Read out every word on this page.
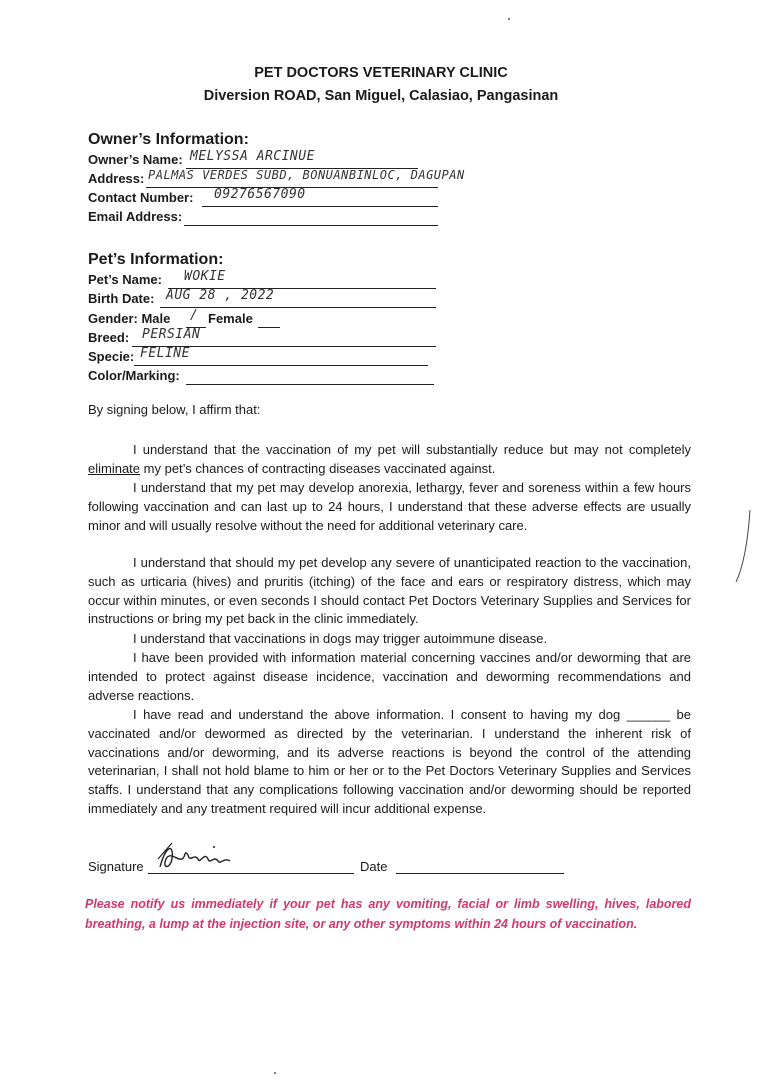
PET DOCTORS VETERINARY CLINIC
Diversion ROAD, San Miguel, Calasiao, Pangasinan
Owner’s Information:
Owner’s Name: MELYSSA ARCINUE
Address: PALMAS VERDES SUBD, BONUANBINLOC, DAGUPAN
Contact Number: 09276567090
Email Address:
Pet’s Information:
Pet’s Name: WOKIE
Birth Date: AUG 28 , 2022
Gender: Male / Female
Breed: PERSIAN
Specie: FELINE
Color/Marking:
By signing below, I affirm that:
I understand that the vaccination of my pet will substantially reduce but may not completely eliminate my pet’s chances of contracting diseases vaccinated against.
I understand that my pet may develop anorexia, lethargy, fever and soreness within a few hours following vaccination and can last up to 24 hours, I understand that these adverse effects are usually minor and will usually resolve without the need for additional veterinary care.
I understand that should my pet develop any severe of unanticipated reaction to the vaccination, such as urticaria (hives) and pruritis (itching) of the face and ears or respiratory distress, which may occur within minutes, or even seconds I should contact Pet Doctors Veterinary Supplies and Services for instructions or bring my pet back in the clinic immediately.
I understand that vaccinations in dogs may trigger autoimmune disease.
I have been provided with information material concerning vaccines and/or deworming that are intended to protect against disease incidence, vaccination and deworming recommendations and adverse reactions.
I have read and understand the above information. I consent to having my dog ______ be vaccinated and/or dewormed as directed by the veterinarian. I understand the inherent risk of vaccinations and/or deworming, and its adverse reactions is beyond the control of the attending veterinarian, I shall not hold blame to him or her or to the Pet Doctors Veterinary Supplies and Services staffs. I understand that any complications following vaccination and/or deworming should be reported immediately and any treatment required will incur additional expense.
Signature	Date
Please notify us immediately if your pet has any vomiting, facial or limb swelling, hives, labored breathing, a lump at the injection site, or any other symptoms within 24 hours of vaccination.
